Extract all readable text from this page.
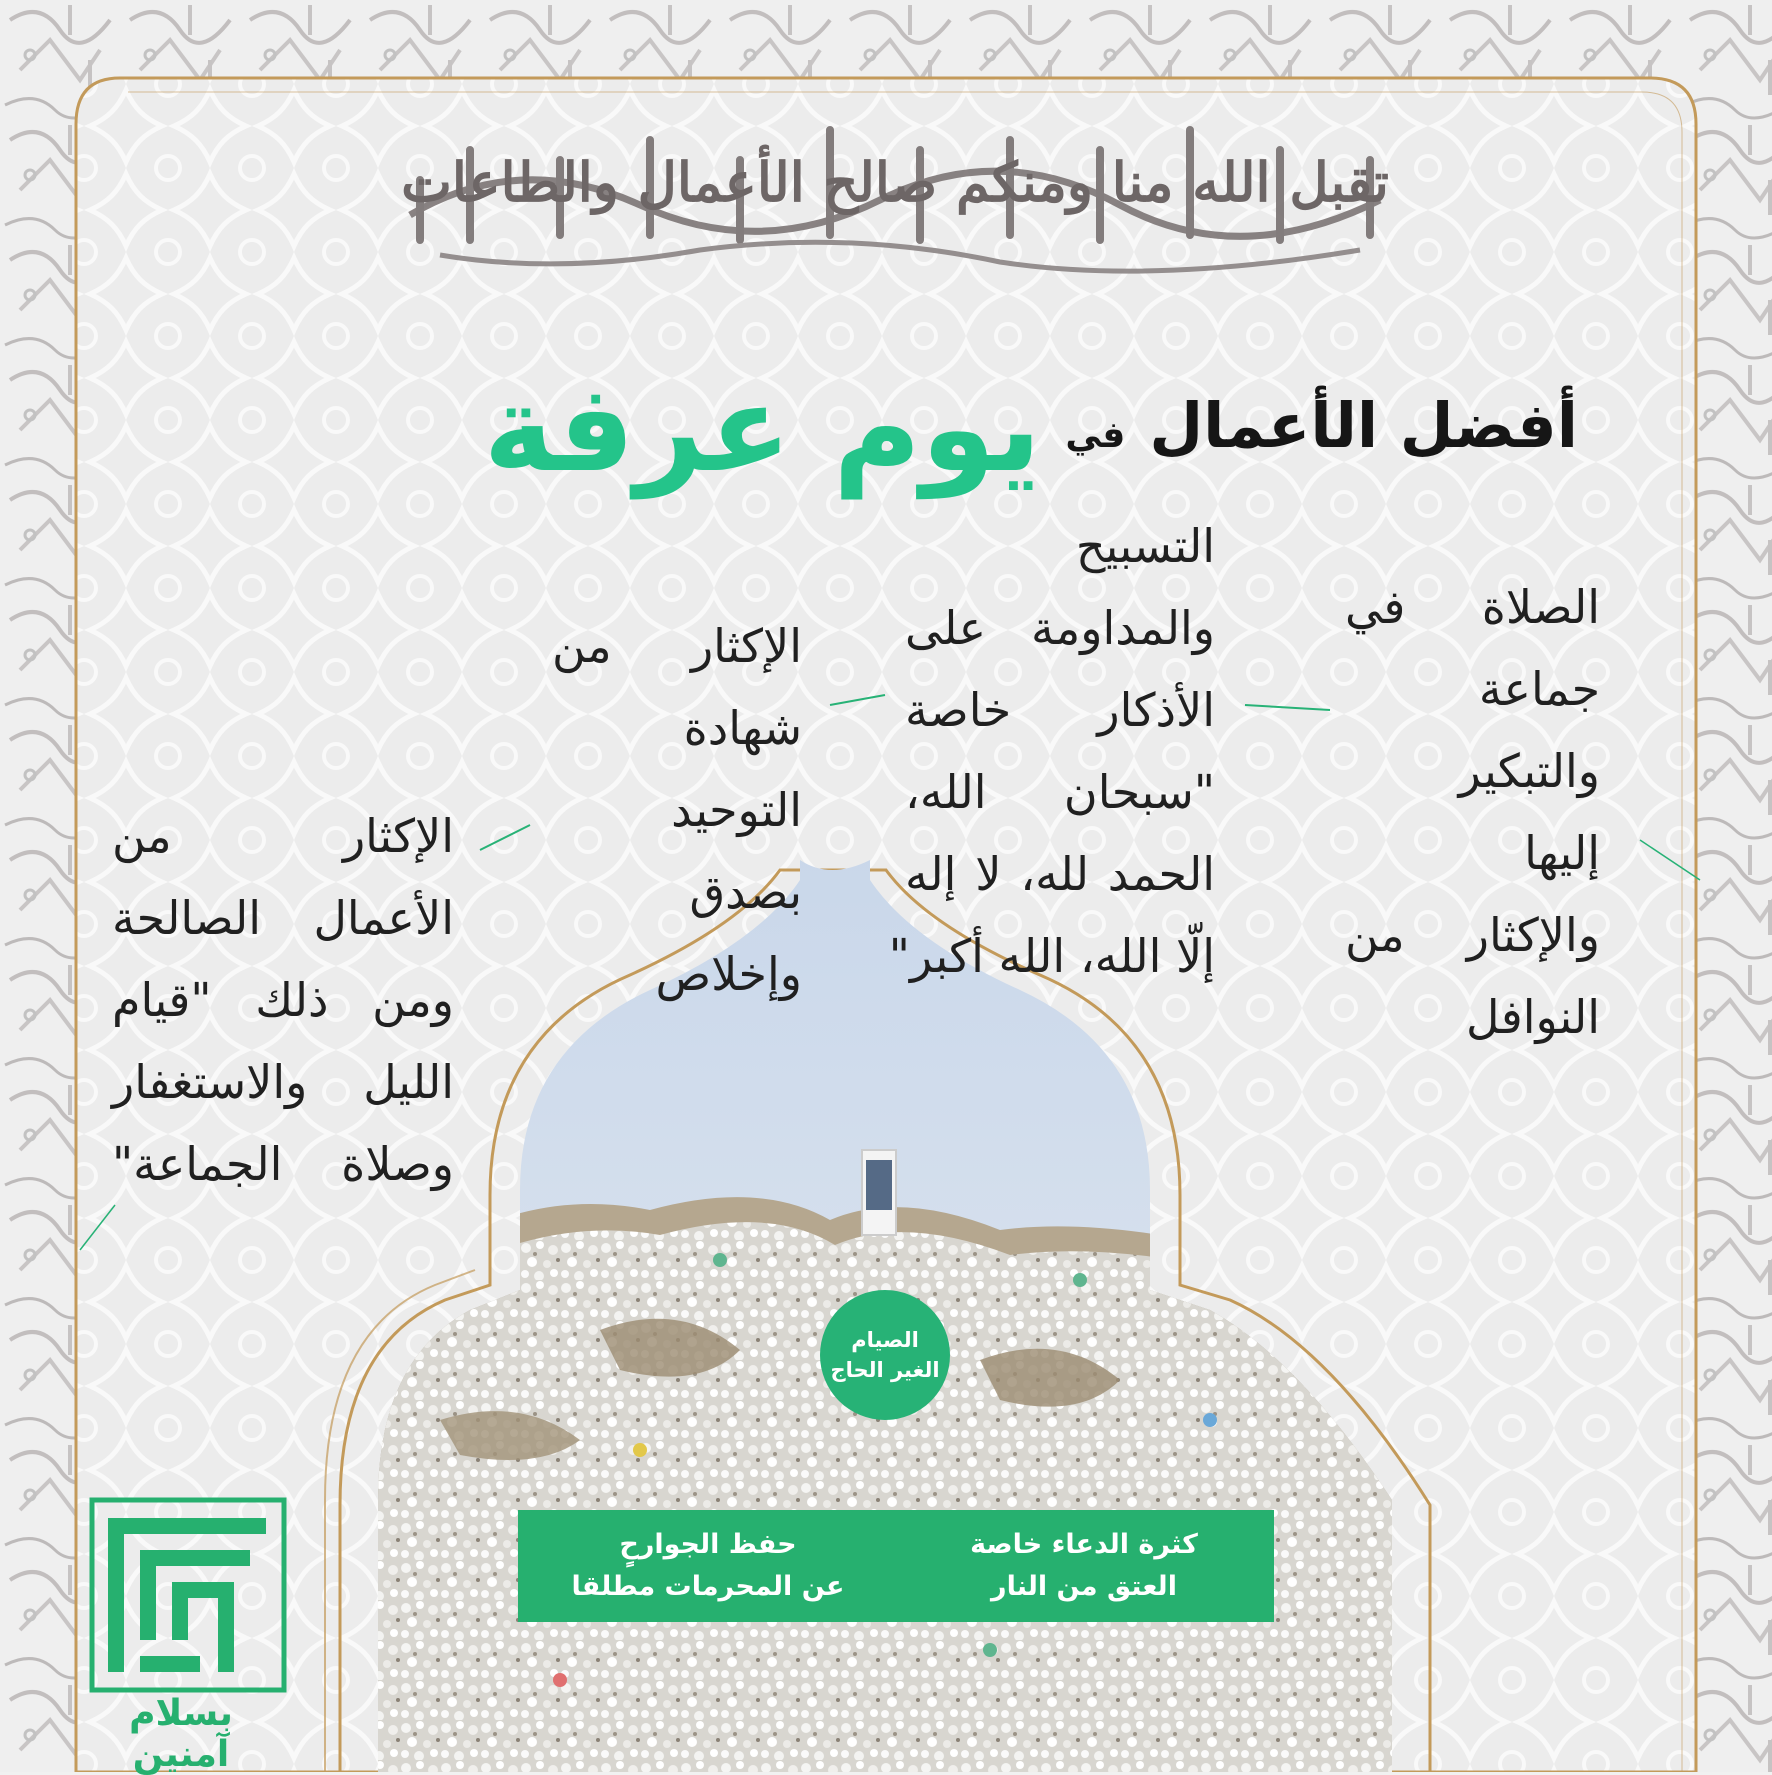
تقبل الله منا ومنكم صالح الأعمال والطاعات
أفضل الأعمال
في
يوم عرفة
الصلاة في
جماعة
والتبكير
إليها
والإكثار من
النوافل
التسبيح
والمداومة على
الأذكار خاصة
"سبحان الله،
الحمد لله، لا إله
إلّا الله، الله أكبر"
الإكثار من
شهادة
التوحيد
بصدق
وإخلاص
الإكثار من
الأعمال الصالحة
ومن ذلك "قيام
الليل والاستغفار
وصلاة الجماعة"
الصيام
الغير الحاج
كثرة الدعاء خاصة
العتق من النار
حفظ الجوارحٍ
عن المحرمات مطلقا
بسلام آمنين
